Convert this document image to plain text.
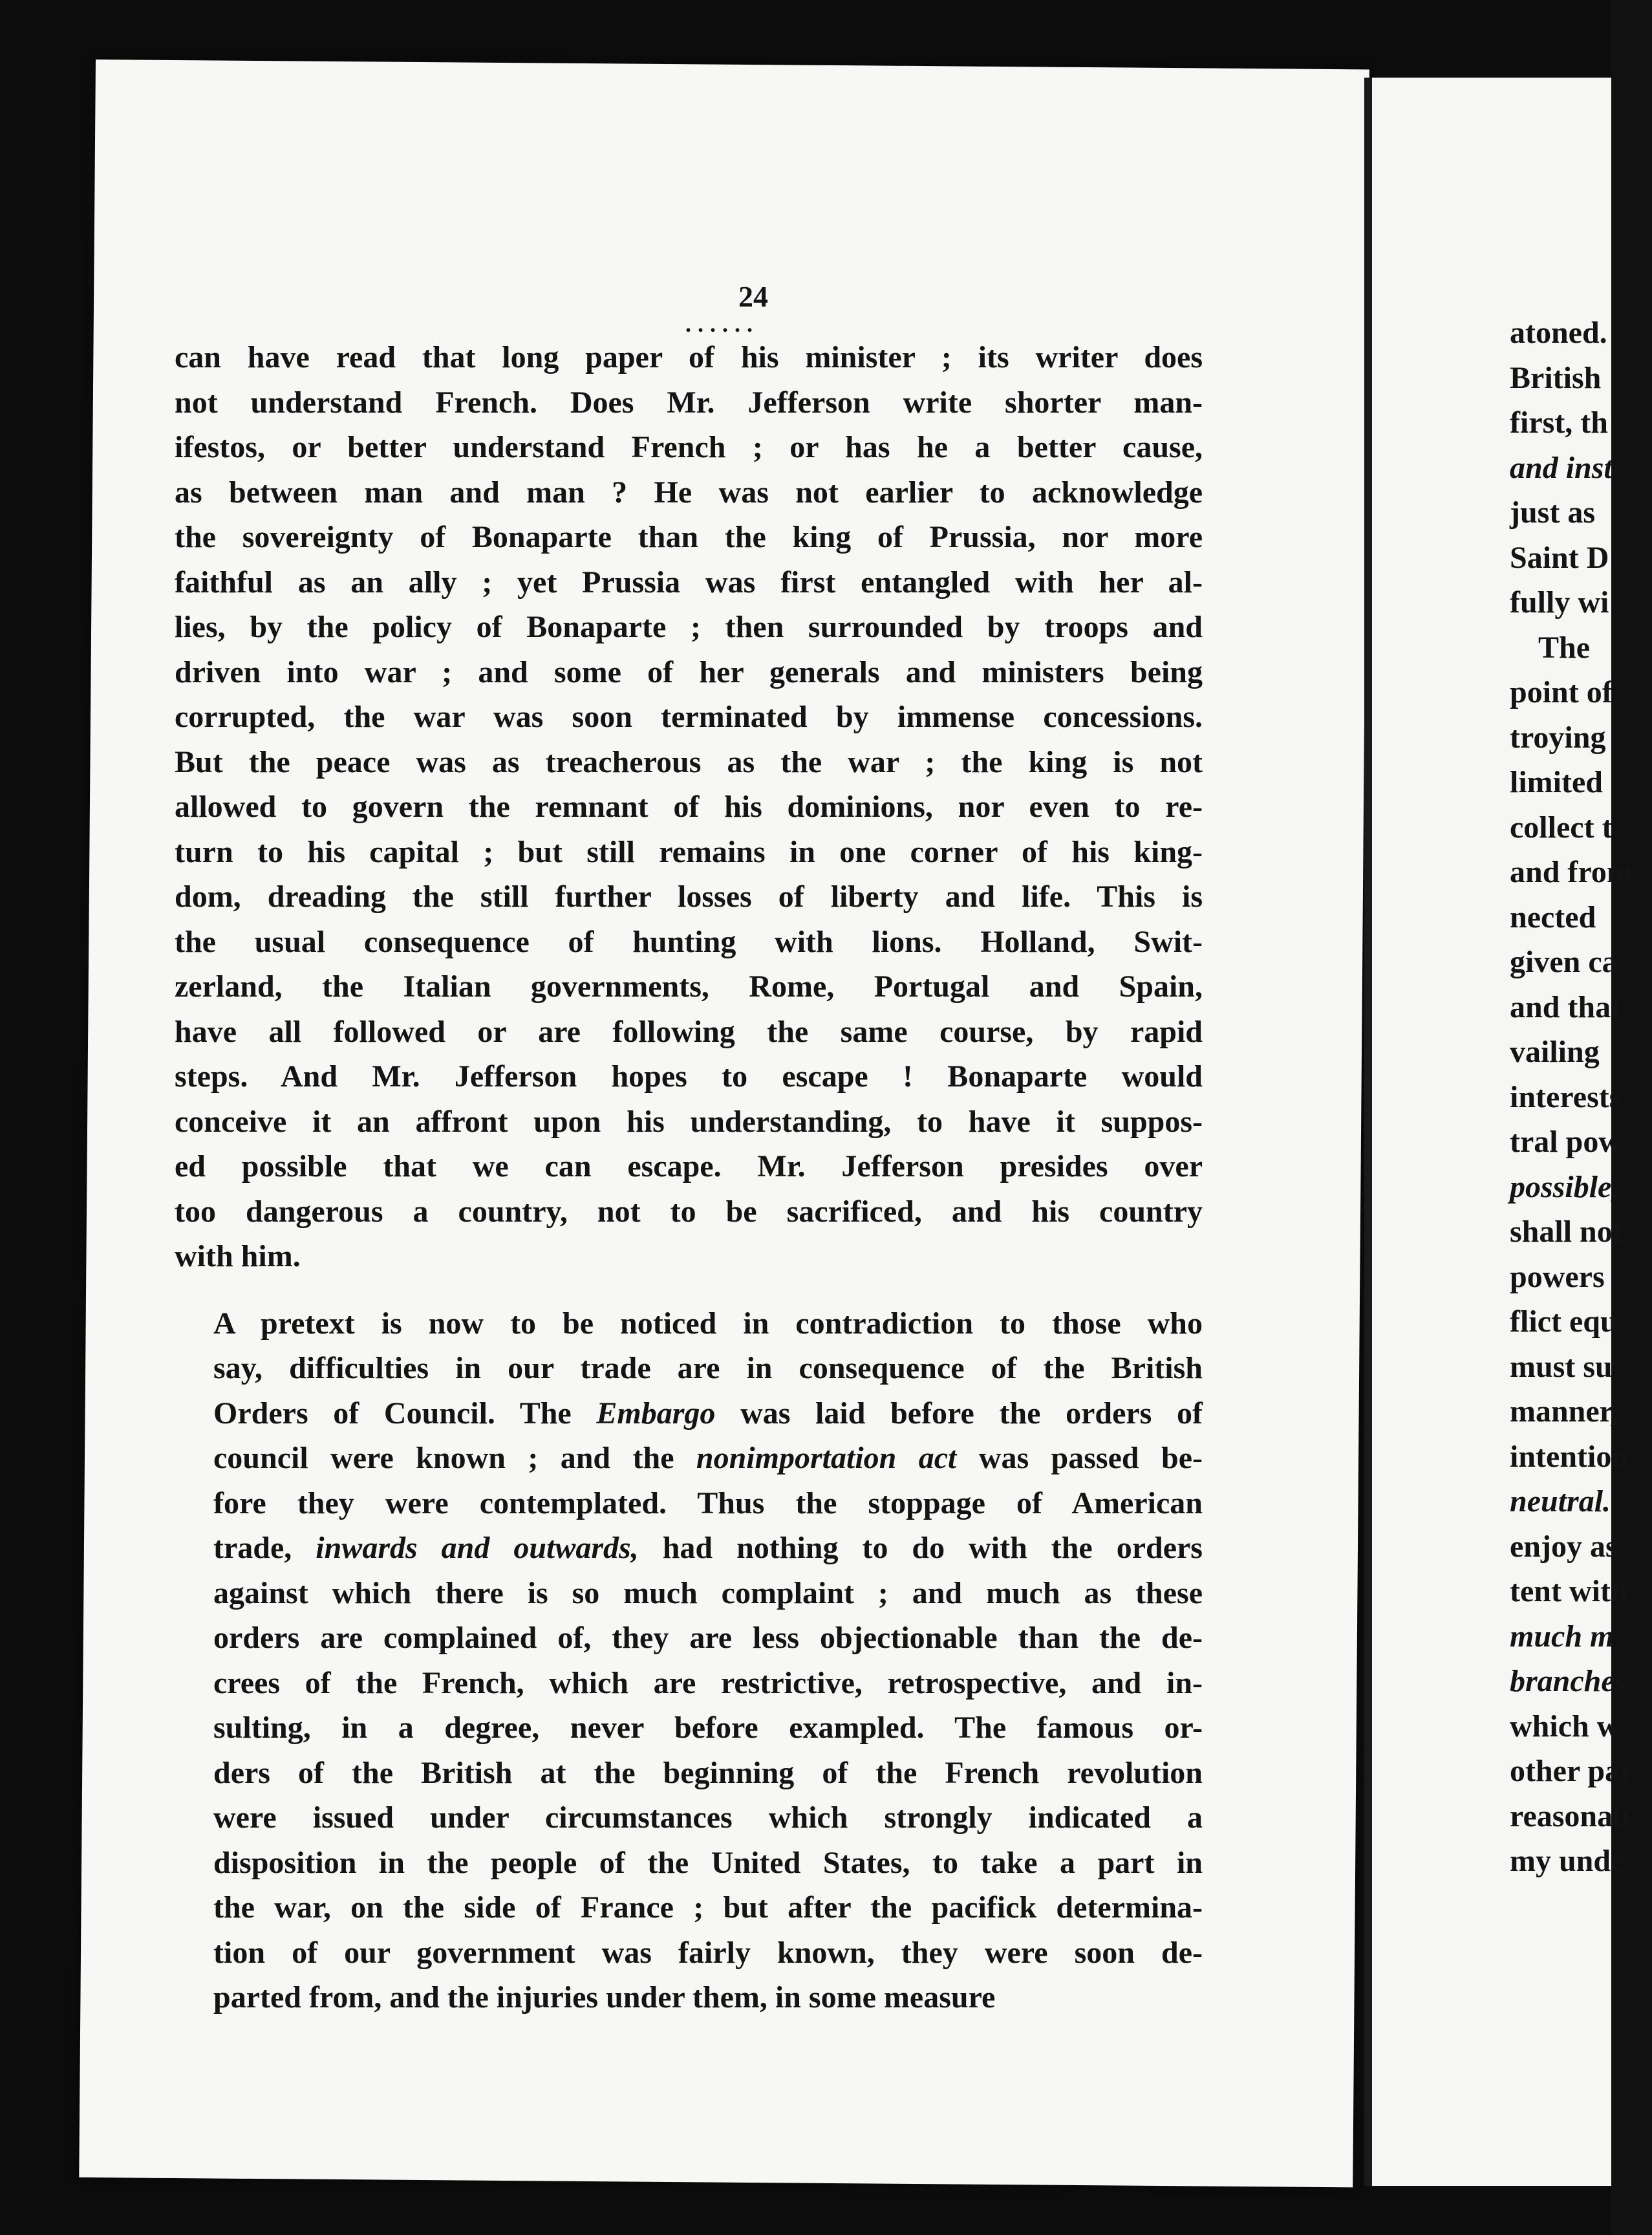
24
......

can have read that long paper of his minister ; its writer does
not understand French. Does Mr. Jefferson write shorter man-
ifestos, or better understand French ; or has he a better cause,
as between man and man ? He was not earlier to acknowledge
the sovereignty of Bonaparte than the king of Prussia, nor more
faithful as an ally ; yet Prussia was first entangled with her al-
lies, by the policy of Bonaparte ; then surrounded by troops and
driven into war ; and some of her generals and ministers being
corrupted, the war was soon terminated by immense concessions.
But the peace was as treacherous as the war ; the king is not
allowed to govern the remnant of his dominions, nor even to re-
turn to his capital ; but still remains in one corner of his king-
dom, dreading the still further losses of liberty and life. This is
the usual consequence of hunting with lions. Holland, Swit-
zerland, the Italian governments, Rome, Portugal and Spain,
have all followed or are following the same course, by rapid
steps. And Mr. Jefferson hopes to escape ! Bonaparte would
conceive it an affront upon his understanding, to have it suppos-
ed possible that we can escape. Mr. Jefferson presides over
too dangerous a country, not to be sacrificed, and his country
with him.

A pretext is now to be noticed in contradiction to those who
say, difficulties in our trade are in consequence of the British
Orders of Council. The Embargo was laid before the orders of
council were known ; and the nonimportation act was passed be-
fore they were contemplated. Thus the stoppage of American
trade, inwards and outwards, had nothing to do with the orders
against which there is so much complaint ; and much as these
orders are complained of, they are less objectionable than the de-
crees of the French, which are restrictive, retrospective, and in-
sulting, in a degree, never before exampled. The famous or-
ders of the British at the beginning of the French revolution
were issued under circumstances which strongly indicated a
disposition in the people of the United States, to take a part in
the war, on the side of France ; but after the pacifick determina-
tion of our government was fairly known, they were soon de-
parted from, and the injuries under them, in some measure

atoned.
British
first, th
and inst
just as
Saint D
fully wi
The
point of
troying
limited
collect t
and from
nected
given ca
and that
vailing
interests
tral pow
possible,
shall not
powers
flict equ
must su
manner,
intention
neutral.
enjoy as
tent with
much m
branches
which w
other par
reasonab
my unde
